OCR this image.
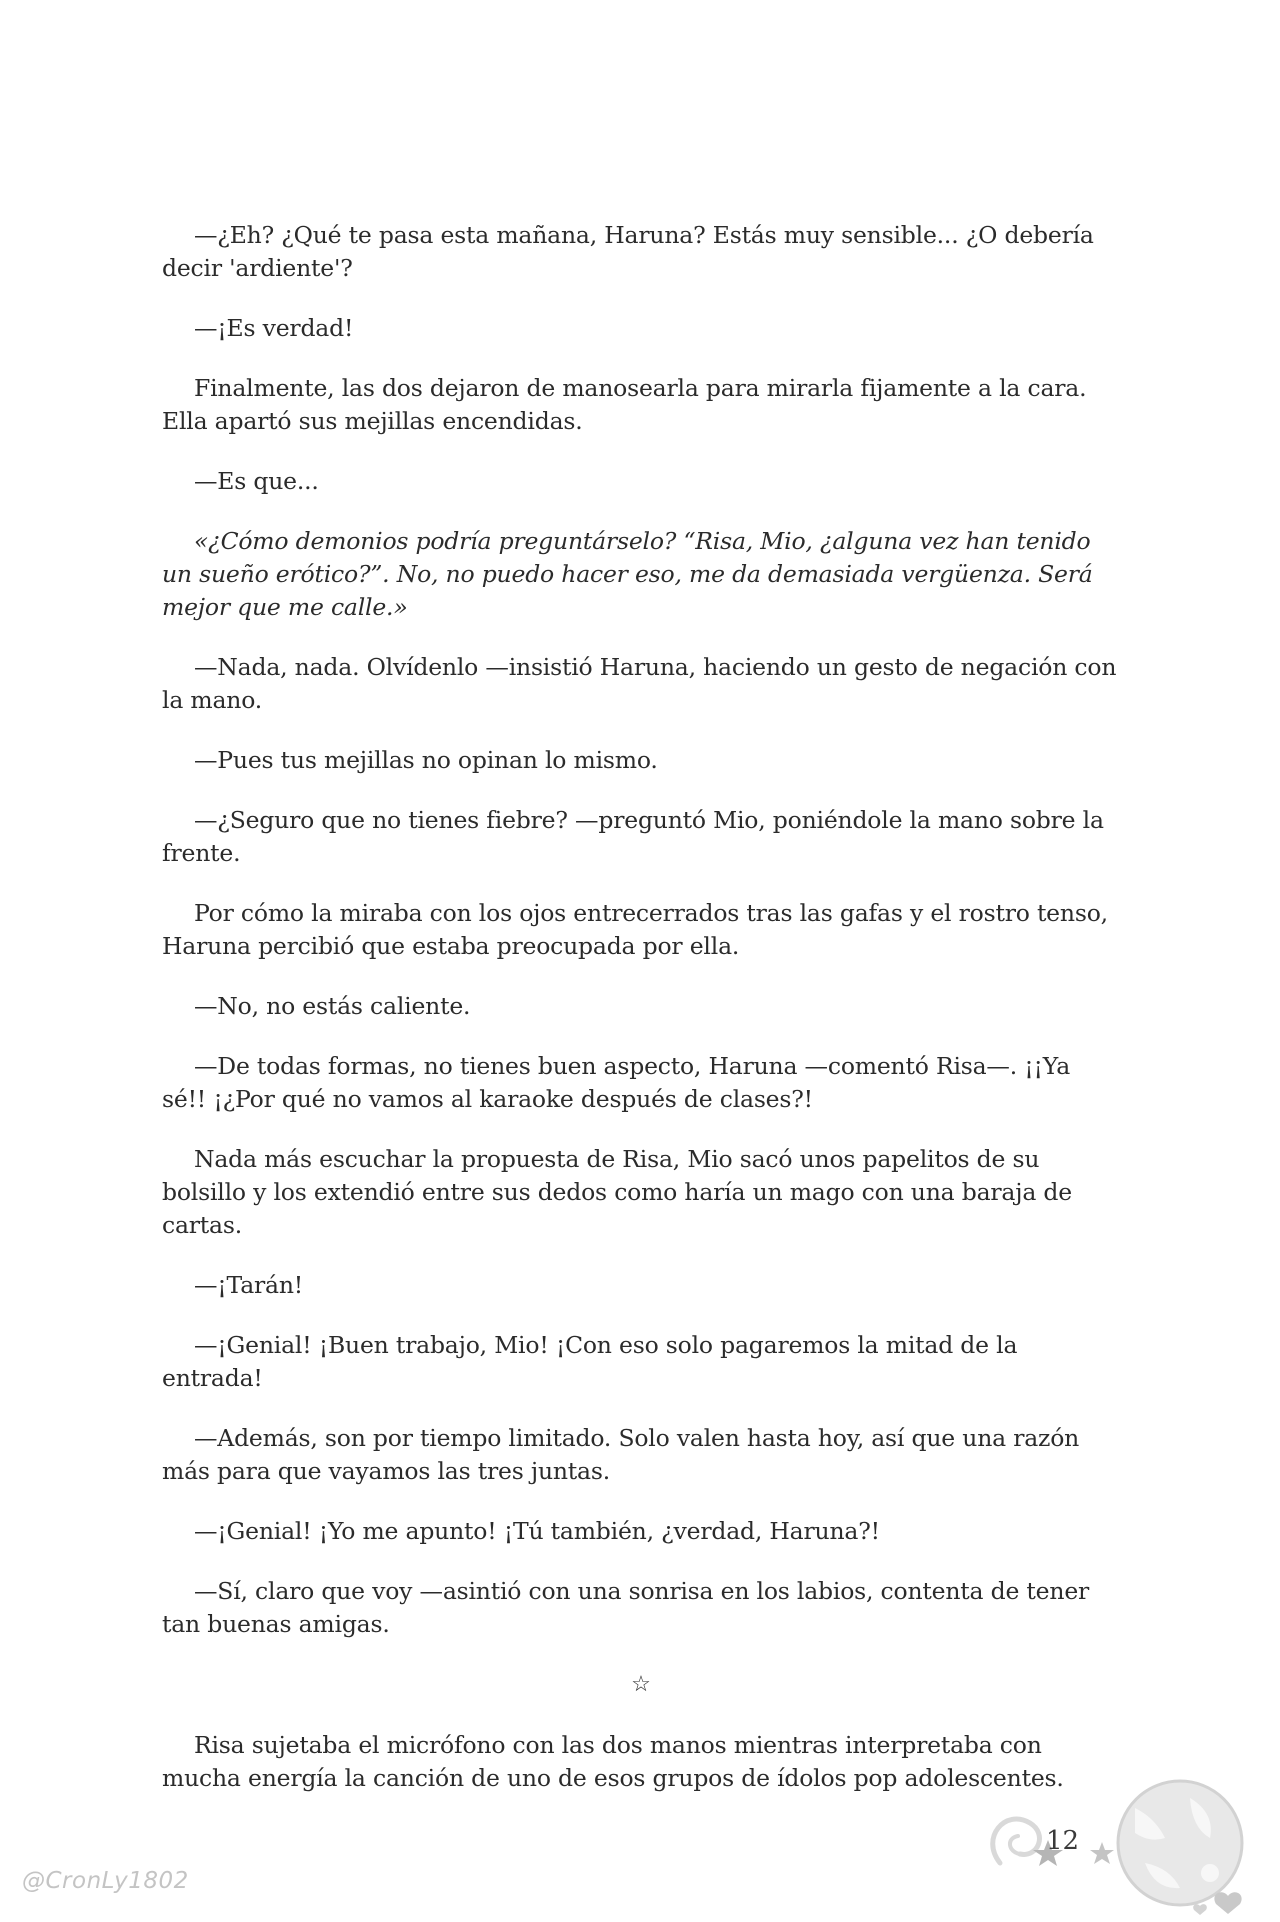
—¿Eh? ¿Qué te pasa esta mañana, Haruna? Estás muy sensible... ¿O debería decir 'ardiente'?

—¡Es verdad!

Finalmente, las dos dejaron de manosearla para mirarla fijamente a la cara. Ella apartó sus mejillas encendidas.

—Es que...

«¿Cómo demonios podría preguntárselo? “Risa, Mio, ¿alguna vez han tenido un sueño erótico?”. No, no puedo hacer eso, me da demasiada vergüenza. Será mejor que me calle.»

—Nada, nada. Olvídenlo —insistió Haruna, haciendo un gesto de negación con la mano.

—Pues tus mejillas no opinan lo mismo.

—¿Seguro que no tienes fiebre? —preguntó Mio, poniéndole la mano sobre la frente.

Por cómo la miraba con los ojos entrecerrados tras las gafas y el rostro tenso, Haruna percibió que estaba preocupada por ella.

—No, no estás caliente.

—De todas formas, no tienes buen aspecto, Haruna —comentó Risa—. ¡¡Ya sé!! ¡¿Por qué no vamos al karaoke después de clases?!

Nada más escuchar la propuesta de Risa, Mio sacó unos papelitos de su bolsillo y los extendió entre sus dedos como haría un mago con una baraja de cartas.

—¡Tarán!

—¡Genial! ¡Buen trabajo, Mio! ¡Con eso solo pagaremos la mitad de la entrada!

—Además, son por tiempo limitado. Solo valen hasta hoy, así que una razón más para que vayamos las tres juntas.

—¡Genial! ¡Yo me apunto! ¡Tú también, ¿verdad, Haruna?!

—Sí, claro que voy —asintió con una sonrisa en los labios, contenta de tener tan buenas amigas.

☆

Risa sujetaba el micrófono con las dos manos mientras interpretaba con mucha energía la canción de uno de esos grupos de ídolos pop adolescentes.

12
@CronLy1802
